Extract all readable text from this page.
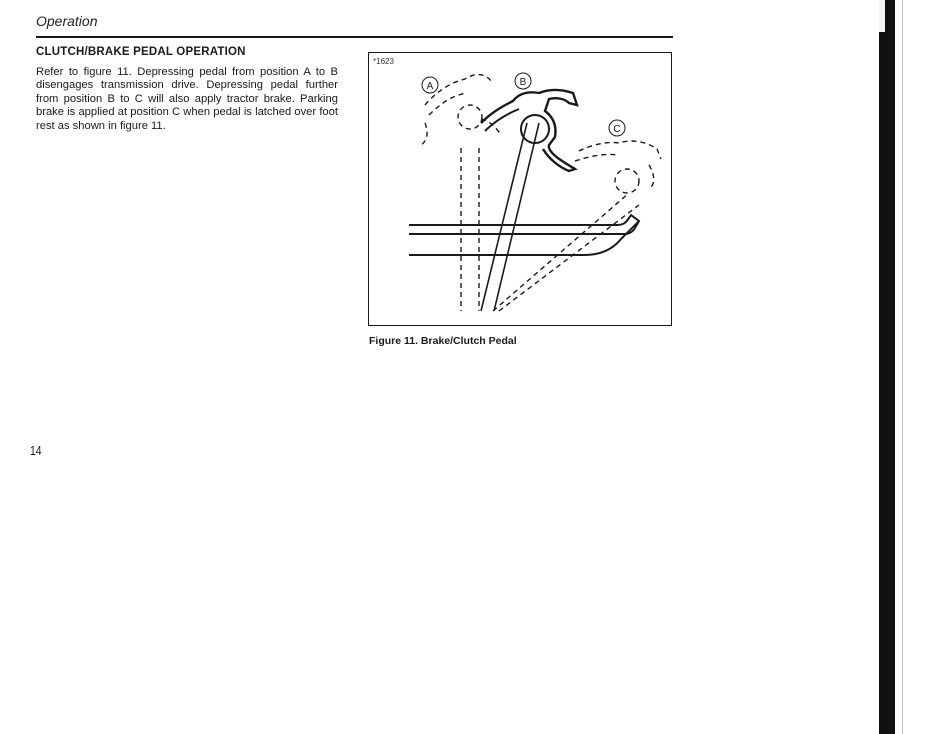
Operation
CLUTCH/BRAKE PEDAL OPERATION

Refer to figure 11. Depressing pedal from position A to B disengages transmission drive. Depressing pedal further from position B to C will also apply tractor brake. Parking brake is applied at position C when pedal is latched over foot rest as shown in figure 11.

*1623
A	B
C
Figure 11. Brake/Clutch Pedal
14
